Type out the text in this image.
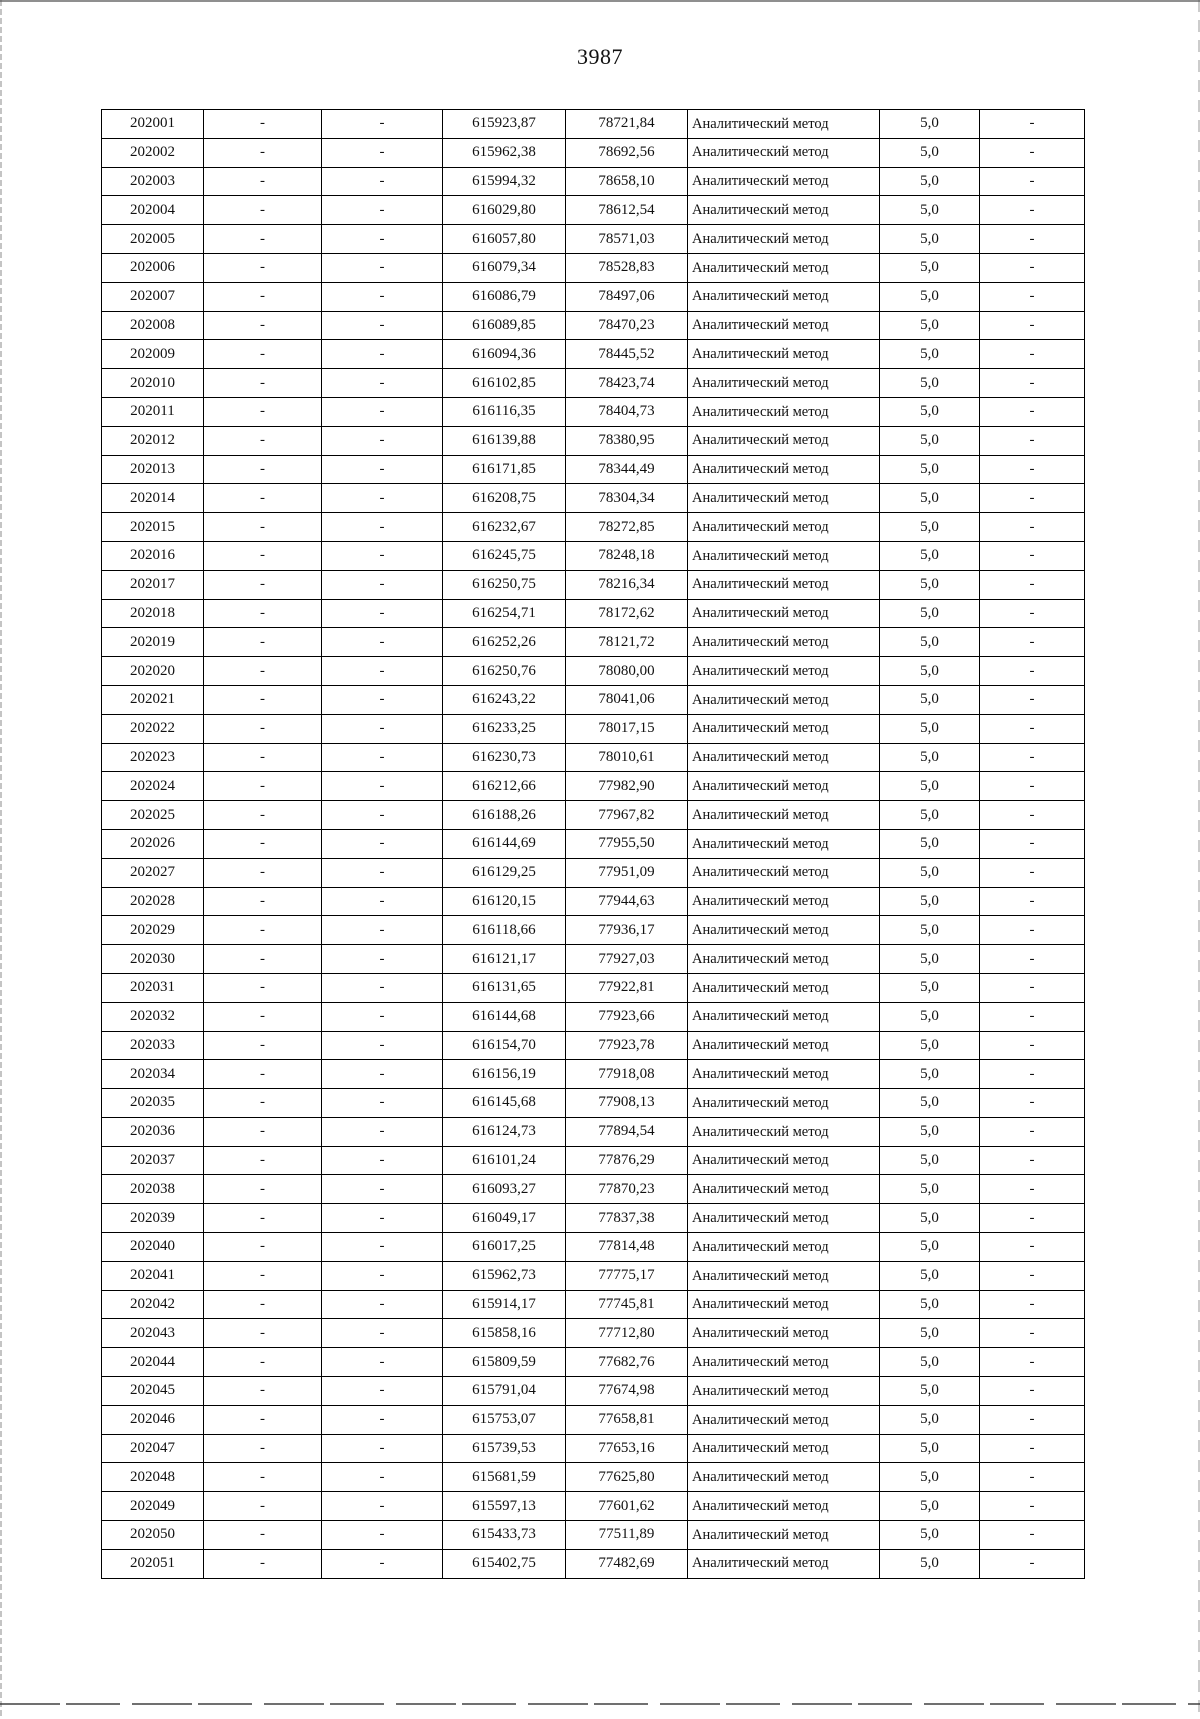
3987
202001	-	-	615923,87	78721,84	Аналитический метод	5,0	-
202002	-	-	615962,38	78692,56	Аналитический метод	5,0	-
202003	-	-	615994,32	78658,10	Аналитический метод	5,0	-
202004	-	-	616029,80	78612,54	Аналитический метод	5,0	-
202005	-	-	616057,80	78571,03	Аналитический метод	5,0	-
202006	-	-	616079,34	78528,83	Аналитический метод	5,0	-
202007	-	-	616086,79	78497,06	Аналитический метод	5,0	-
202008	-	-	616089,85	78470,23	Аналитический метод	5,0	-
202009	-	-	616094,36	78445,52	Аналитический метод	5,0	-
202010	-	-	616102,85	78423,74	Аналитический метод	5,0	-
202011	-	-	616116,35	78404,73	Аналитический метод	5,0	-
202012	-	-	616139,88	78380,95	Аналитический метод	5,0	-
202013	-	-	616171,85	78344,49	Аналитический метод	5,0	-
202014	-	-	616208,75	78304,34	Аналитический метод	5,0	-
202015	-	-	616232,67	78272,85	Аналитический метод	5,0	-
202016	-	-	616245,75	78248,18	Аналитический метод	5,0	-
202017	-	-	616250,75	78216,34	Аналитический метод	5,0	-
202018	-	-	616254,71	78172,62	Аналитический метод	5,0	-
202019	-	-	616252,26	78121,72	Аналитический метод	5,0	-
202020	-	-	616250,76	78080,00	Аналитический метод	5,0	-
202021	-	-	616243,22	78041,06	Аналитический метод	5,0	-
202022	-	-	616233,25	78017,15	Аналитический метод	5,0	-
202023	-	-	616230,73	78010,61	Аналитический метод	5,0	-
202024	-	-	616212,66	77982,90	Аналитический метод	5,0	-
202025	-	-	616188,26	77967,82	Аналитический метод	5,0	-
202026	-	-	616144,69	77955,50	Аналитический метод	5,0	-
202027	-	-	616129,25	77951,09	Аналитический метод	5,0	-
202028	-	-	616120,15	77944,63	Аналитический метод	5,0	-
202029	-	-	616118,66	77936,17	Аналитический метод	5,0	-
202030	-	-	616121,17	77927,03	Аналитический метод	5,0	-
202031	-	-	616131,65	77922,81	Аналитический метод	5,0	-
202032	-	-	616144,68	77923,66	Аналитический метод	5,0	-
202033	-	-	616154,70	77923,78	Аналитический метод	5,0	-
202034	-	-	616156,19	77918,08	Аналитический метод	5,0	-
202035	-	-	616145,68	77908,13	Аналитический метод	5,0	-
202036	-	-	616124,73	77894,54	Аналитический метод	5,0	-
202037	-	-	616101,24	77876,29	Аналитический метод	5,0	-
202038	-	-	616093,27	77870,23	Аналитический метод	5,0	-
202039	-	-	616049,17	77837,38	Аналитический метод	5,0	-
202040	-	-	616017,25	77814,48	Аналитический метод	5,0	-
202041	-	-	615962,73	77775,17	Аналитический метод	5,0	-
202042	-	-	615914,17	77745,81	Аналитический метод	5,0	-
202043	-	-	615858,16	77712,80	Аналитический метод	5,0	-
202044	-	-	615809,59	77682,76	Аналитический метод	5,0	-
202045	-	-	615791,04	77674,98	Аналитический метод	5,0	-
202046	-	-	615753,07	77658,81	Аналитический метод	5,0	-
202047	-	-	615739,53	77653,16	Аналитический метод	5,0	-
202048	-	-	615681,59	77625,80	Аналитический метод	5,0	-
202049	-	-	615597,13	77601,62	Аналитический метод	5,0	-
202050	-	-	615433,73	77511,89	Аналитический метод	5,0	-
202051	-	-	615402,75	77482,69	Аналитический метод	5,0	-
